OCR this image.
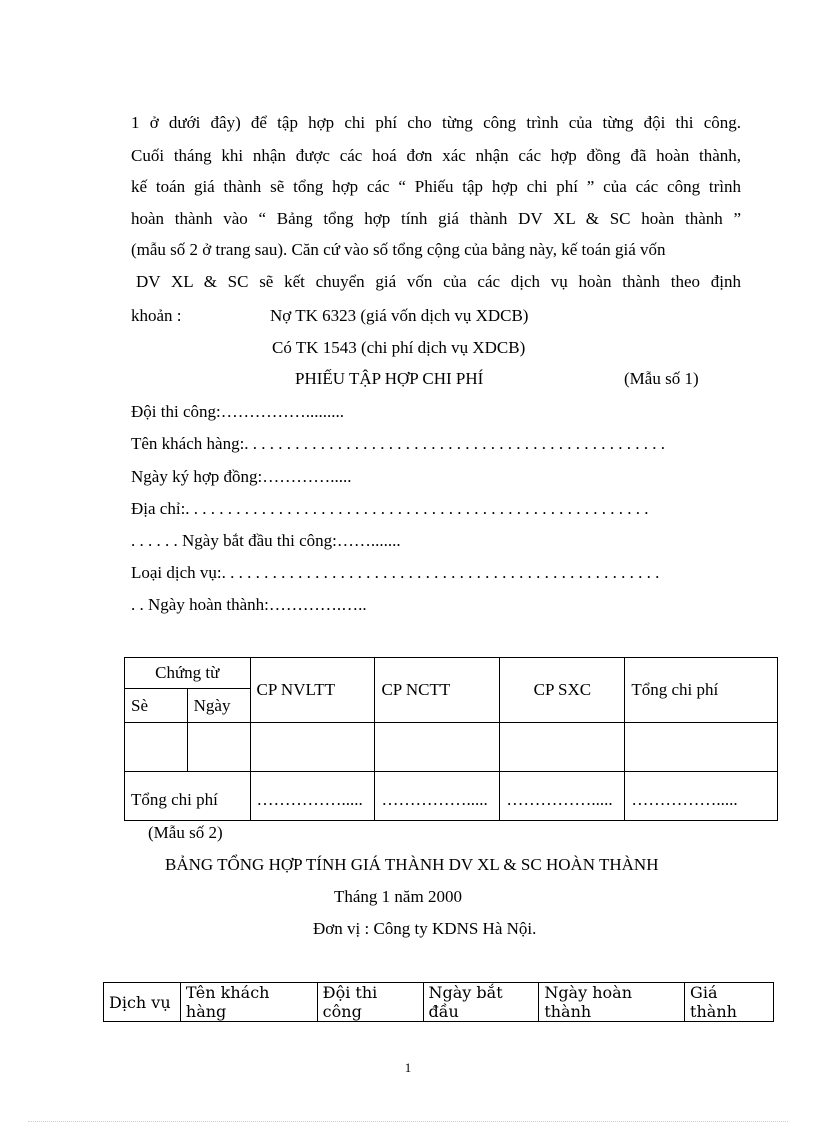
1 ở dưới đây) để tập hợp chi phí cho từng công trình của từng đội thi công.
Cuối tháng khi nhận được các hoá đơn xác nhận các hợp đồng đã hoàn thành,
kế toán giá thành sẽ tổng hợp các “ Phiếu tập hợp chi phí ” của các công trình
hoàn thành vào “ Bảng tổng hợp tính giá thành DV XL & SC hoàn thành ”
(mẫu số 2 ở trang sau). Căn cứ vào số tổng cộng của bảng này, kế toán giá vốn
DV XL & SC sẽ kết chuyển giá vốn của các dịch vụ hoàn thành theo định
khoản :	Nợ TK 6323 (giá vốn dịch vụ XDCB)
Có TK 1543 (chi phí dịch vụ XDCB)
PHIẾU TẬP HỢP CHI PHÍ	(Mẫu số 1)
Đội thi công:…………….........
Tên khách hàng:. . . . . . . . . . . . . . . . . . . . . . . . . . . . . . . . . . . . . . . . . . . . . . . . . .
Ngày ký hợp đồng:………….....
Địa chỉ:. . . . . . . . . . . . . . . . . . . . . . . . . . . . . . . . . . . . . . . . . . . . . . . . . . . . . . .
. . . . . . Ngày bắt đầu thi công:…….......
Loại dịch vụ:. . . . . . . . . . . . . . . . . . . . . . . . . . . . . . . . . . . . . . . . . . . . . . . . . . . .
. . Ngày hoàn thành:………….…..
Chứng từ		CP NVLTT	CP NCTT	CP SXC	Tổng chi phí
Sè	Ngày				

Tổng chi phí		…………….....	…………….....	…………….....	…………….....
(Mẫu số 2)
BẢNG TỔNG HỢP TÍNH GIÁ THÀNH DV XL & SC HOÀN THÀNH
Tháng 1 năm 2000
Đơn vị : Công ty KDNS Hà Nội.
Dịch vụ	Tên khách hàng	Đội thi công	Ngày bắt đầu	Ngày hoàn thành	Giá thành
1
